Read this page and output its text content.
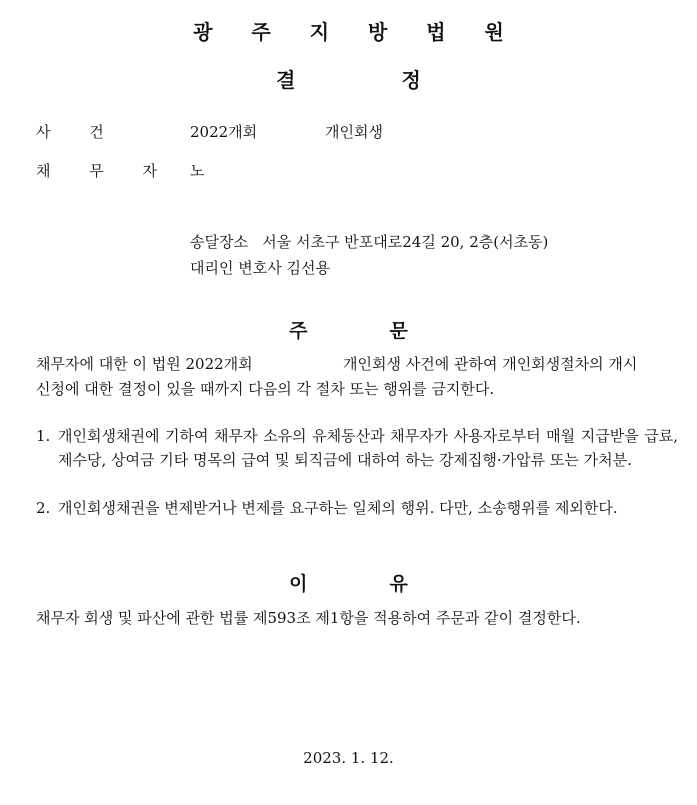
광 주 지 방 법 원
결	정
사 건	2022개회	개인회생
채 무 자 노
송달장소 서울 서초구 반포대로24길 20, 2층(서초동)
대리인 변호사 김선용
주	문
채무자에 대한 이 법원 2022개회	개인회생 사건에 관하여 개인회생절차의 개시
신청에 대한 결정이 있을 때까지 다음의 각 절차 또는 행위를 금지한다.
1. 개인회생채권에 기하여 채무자 소유의 유체동산과 채무자가 사용자로부터 매월 지급받을 급료, 제수당, 상여금 기타 명목의 급여 및 퇴직금에 대하여 하는 강제집행·가압류 또는 가처분.
2. 개인회생채권을 변제받거나 변제를 요구하는 일체의 행위. 다만, 소송행위를 제외한다.
이	유
채무자 회생 및 파산에 관한 법률 제593조 제1항을 적용하여 주문과 같이 결정한다.
2023. 1. 12.
